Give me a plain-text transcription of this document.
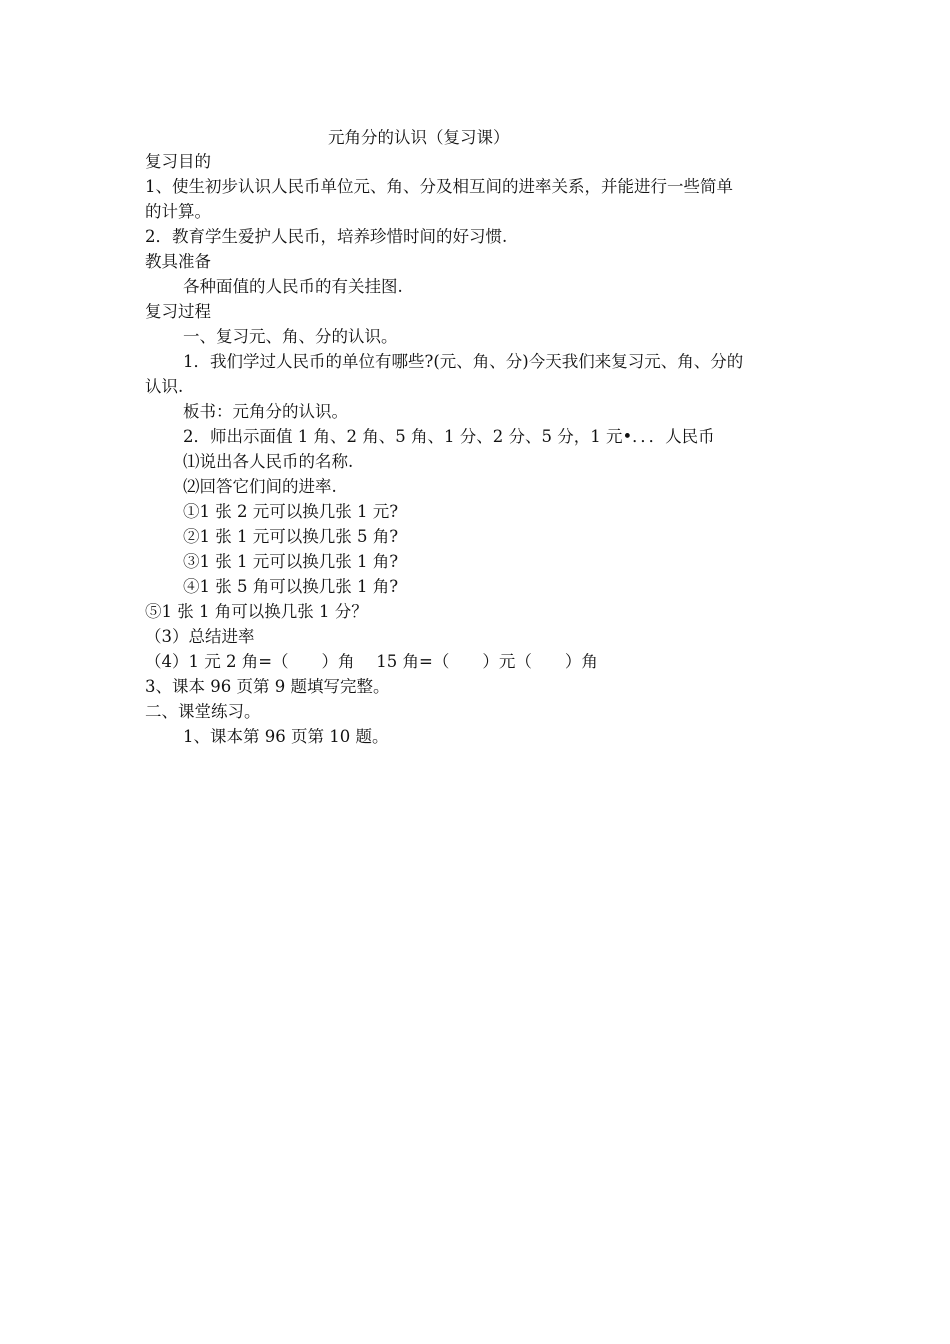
元角分的认识（复习课）
复习目的
1、使生初步认识人民币单位元、角、分及相互间的进率关系，并能进行一些简单
的计算。
2．教育学生爱护人民币，培养珍惜时间的好习惯.
教具准备
各种面值的人民币的有关挂图.
复习过程
一、复习元、角、分的认识。
1．我们学过人民币的单位有哪些?(元、角、分)今天我们来复习元、角、分的
认识.
板书：元角分的认识。
2．师出示面值 1 角、2 角、5 角、1 分、2 分、5 分，1 元•．．．人民币
⑴说出各人民币的名称.
⑵回答它们间的进率.
①1 张 2 元可以换几张 1 元?
②1 张 1 元可以换几张 5 角?
③1 张 1 元可以换几张 1 角?
④1 张 5 角可以换几张 1 角?
⑤1 张 1 角可以换几张 1 分？
（3）总结进率
（4）1 元 2 角=（　　）角　 15 角=（　　）元（　　）角
3、课本 96 页第 9 题填写完整。
二、课堂练习。
1、课本第 96 页第 10 题。
